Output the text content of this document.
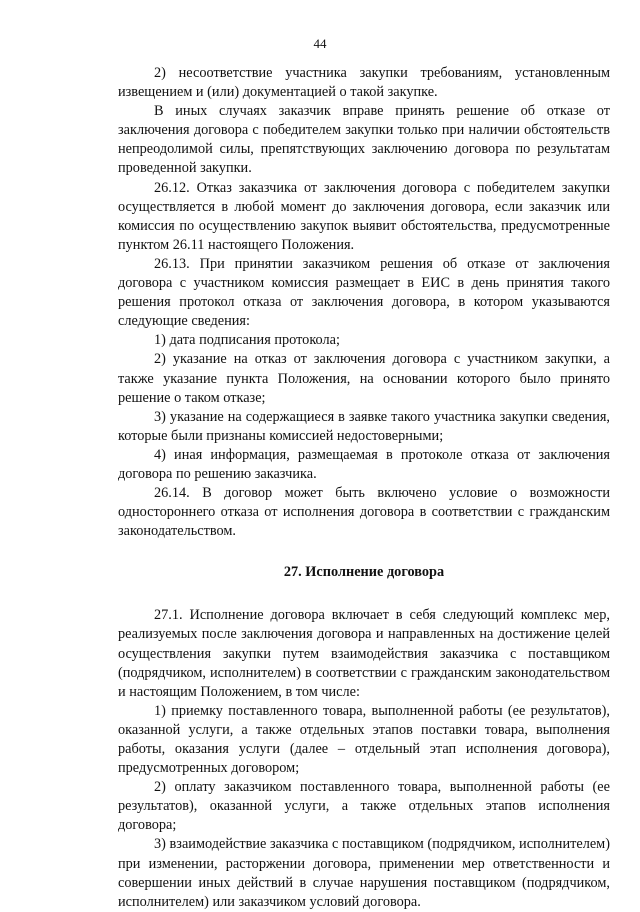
44

2) несоответствие участника закупки требованиям, установленным извещением и (или) документацией о такой закупке.

В иных случаях заказчик вправе принять решение об отказе от заключения договора с победителем закупки только при наличии обстоятельств непреодолимой силы, препятствующих заключению договора по результатам проведенной закупки.

26.12. Отказ заказчика от заключения договора с победителем закупки осуществляется в любой момент до заключения договора, если заказчик или комиссия по осуществлению закупок выявит обстоятельства, предусмотренные пунктом 26.11 настоящего Положения.

26.13. При принятии заказчиком решения об отказе от заключения договора с участником комиссия размещает в ЕИС в день принятия такого решения протокол отказа от заключения договора, в котором указываются следующие сведения:

1) дата подписания протокола;

2) указание на отказ от заключения договора с участником закупки, а также указание пункта Положения, на основании которого было принято решение о таком отказе;

3) указание на содержащиеся в заявке такого участника закупки сведения, которые были признаны комиссией недостоверными;

4) иная информация, размещаемая в протоколе отказа от заключения договора по решению заказчика.

26.14. В договор может быть включено условие о возможности одностороннего отказа от исполнения договора в соответствии с гражданским законодательством.

27. Исполнение договора

27.1. Исполнение договора включает в себя следующий комплекс мер, реализуемых после заключения договора и направленных на достижение целей осуществления закупки путем взаимодействия заказчика с поставщиком (подрядчиком, исполнителем) в соответствии с гражданским законодательством и настоящим Положением, в том числе:

1) приемку поставленного товара, выполненной работы (ее результатов), оказанной услуги, а также отдельных этапов поставки товара, выполнения работы, оказания услуги (далее – отдельный этап исполнения договора), предусмотренных договором;

2) оплату заказчиком поставленного товара, выполненной работы (ее результатов), оказанной услуги, а также отдельных этапов исполнения договора;

3) взаимодействие заказчика с поставщиком (подрядчиком, исполнителем) при изменении, расторжении договора, применении мер ответственности и совершении иных действий в случае нарушения поставщиком (подрядчиком, исполнителем) или заказчиком условий договора.
